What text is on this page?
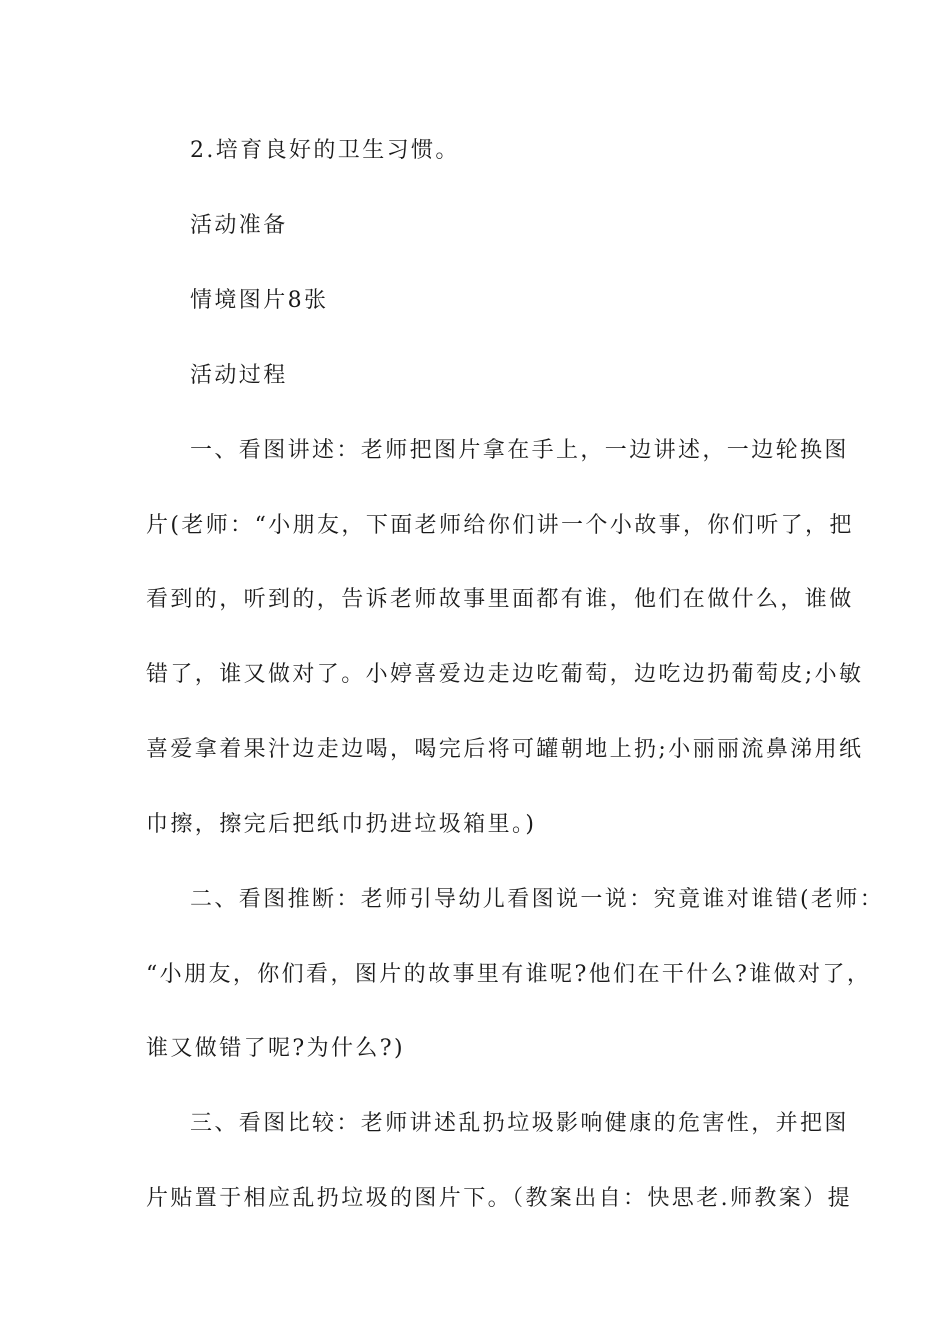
2.培育良好的卫生习惯。
活动准备
情境图片8张
活动过程
一、看图讲述：老师把图片拿在手上，一边讲述，一边轮换图
片(老师：“小朋友，下面老师给你们讲一个小故事，你们听了，把
看到的，听到的，告诉老师故事里面都有谁，他们在做什么，谁做
错了，谁又做对了。小婷喜爱边走边吃葡萄，边吃边扔葡萄皮;小敏
喜爱拿着果汁边走边喝，喝完后将可罐朝地上扔;小丽丽流鼻涕用纸
巾擦，擦完后把纸巾扔进垃圾箱里。)
二、看图推断：老师引导幼儿看图说一说：究竟谁对谁错(老师：
“小朋友，你们看，图片的故事里有谁呢?他们在干什么?谁做对了，
谁又做错了呢?为什么?)
三、看图比较：老师讲述乱扔垃圾影响健康的危害性，并把图
片贴置于相应乱扔垃圾的图片下。（教案出自：快思老.师教案）提
